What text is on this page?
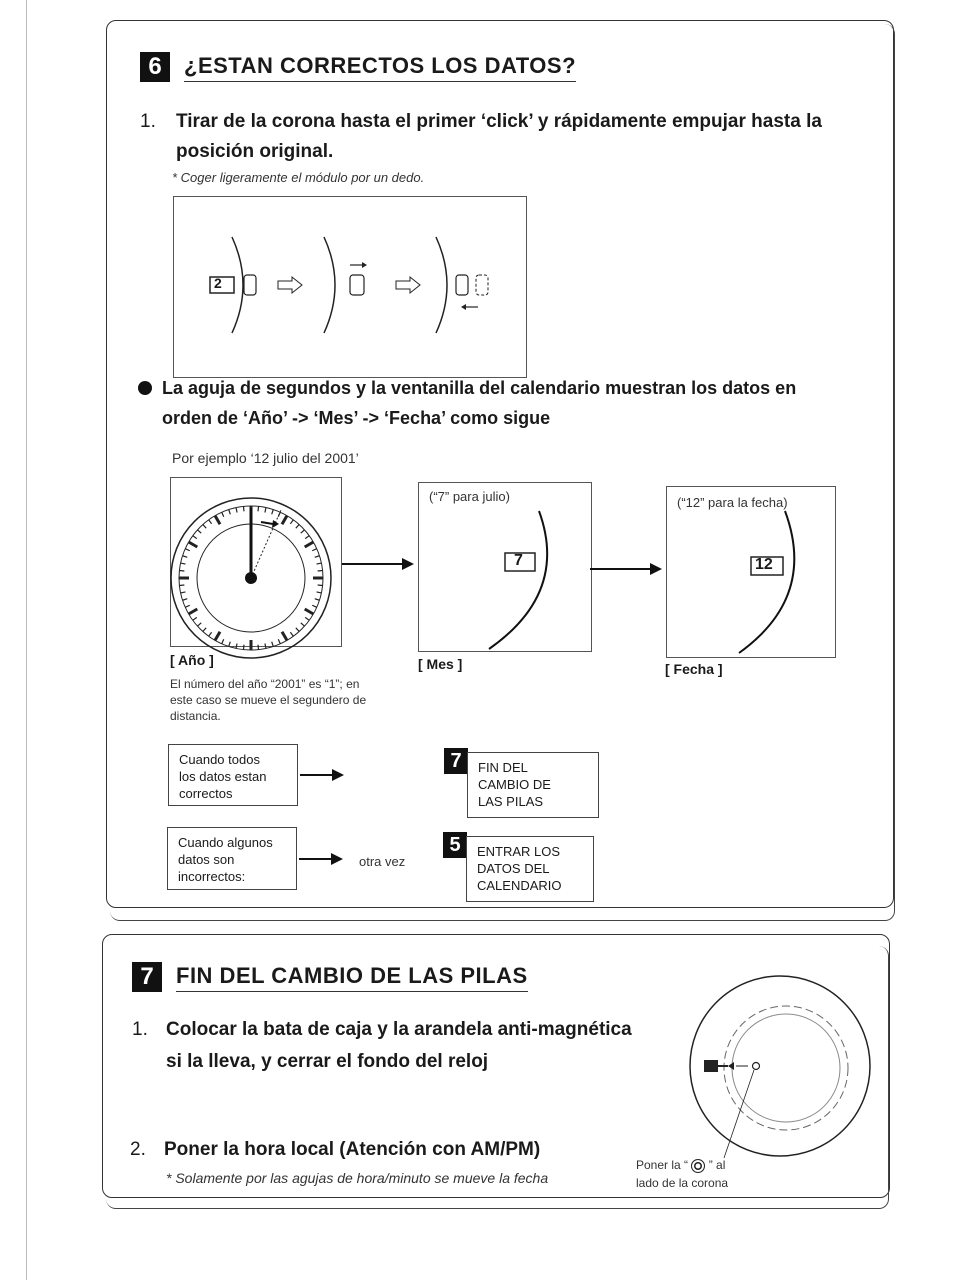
6	¿ESTAN CORRECTOS LOS DATOS?
1. Tirar de la corona hasta el primer ‘click’ y rápidamente empujar hasta la
posición original.
* Coger ligeramente el módulo por un dedo.
2
La aguja de segundos y la ventanilla del calendario muestran los datos en
orden de ‘Año’ -> ‘Mes’ -> ‘Fecha’ como sigue
Por ejemplo ‘12 julio del 2001’
(“7” para julio)
7
(“12” para la fecha)
12
[ Año ]	[ Mes ]	[ Fecha ]
El número del año “2001” es “1”; en
este caso se mueve el segundero de
distancia.
Cuando todos
los datos estan
correctos
7	FIN DEL
CAMBIO DE
LAS PILAS
Cuando algunos
datos son
incorrectos:
otra vez
5	ENTRAR LOS
DATOS DEL
CALENDARIO
7	FIN DEL CAMBIO DE LAS PILAS
1. Colocar la bata de caja y la arandela anti-magnética
si la lleva, y cerrar el fondo del reloj
2. Poner la hora local (Atención con AM/PM)
* Solamente por las agujas de hora/minuto se mueve la fecha
Poner la “ ” al
lado de la corona
